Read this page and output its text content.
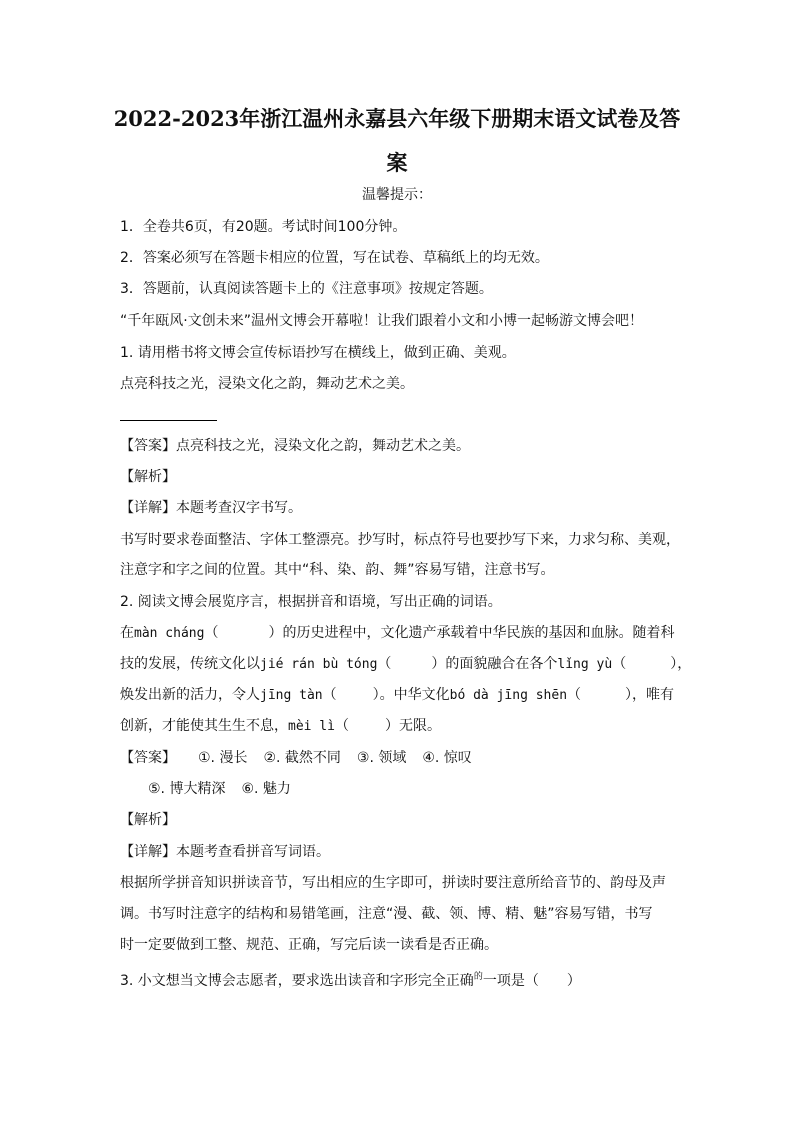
2022-2023年浙江温州永嘉县六年级下册期末语文试卷及答
案
温馨提示：
1．全卷共6页，有20题。考试时间100分钟。
2．答案必须写在答题卡相应的位置，写在试卷、草稿纸上的均无效。
3．答题前，认真阅读答题卡上的《注意事项》按规定答题。
“千年瓯风·文创未来”温州文博会开幕啦！让我们跟着小文和小博一起畅游文博会吧！
1. 请用楷书将文博会宣传标语抄写在横线上，做到正确、美观。
点亮科技之光，浸染文化之韵，舞动艺术之美。
【答案】点亮科技之光，浸染文化之韵，舞动艺术之美。
【解析】
【详解】本题考查汉字书写。
书写时要求卷面整洁、字体工整漂亮。抄写时，标点符号也要抄写下来，力求匀称、美观，
注意字和字之间的位置。其中“科、染、韵、舞”容易写错，注意书写。
2. 阅读文博会展览序言，根据拼音和语境，写出正确的词语。
在màn cháng（	）的历史进程中，文化遗产承载着中华民族的基因和血脉。随着科
技的发展，传统文化以jié rán bù tóng（	）的面貌融合在各个lǐng yù（	），
焕发出新的活力，令人jīng tàn（	）。中华文化bó dà jīng shēn（	），唯有
创新，才能使其生生不息，mèi lì（	）无限。
【答案】 ①. 漫长 ②. 截然不同 ③. 领域 ④. 惊叹
⑤. 博大精深 ⑥. 魅力
【解析】
【详解】本题考查看拼音写词语。
根据所学拼音知识拼读音节，写出相应的生字即可，拼读时要注意所给音节的、韵母及声
调。书写时注意字的结构和易错笔画，注意“漫、截、领、博、精、魅”容易写错，书写
时一定要做到工整、规范、正确，写完后读一读看是否正确。
3. 小文想当文博会志愿者，要求选出读音和字形完全正确$^的$一项是（　　）
